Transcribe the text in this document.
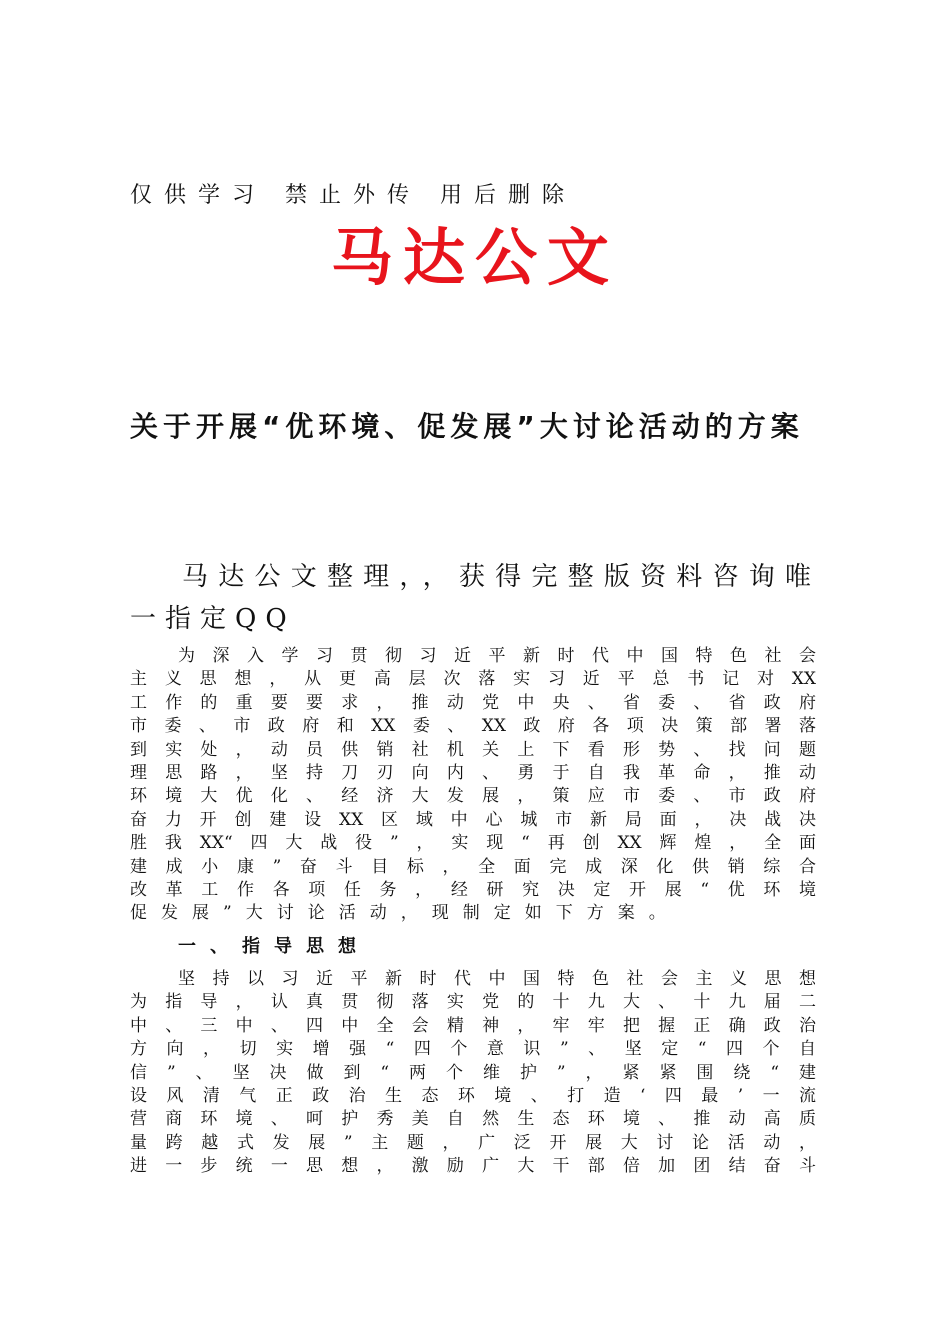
仅供学习 禁止外传 用后删除
马达公文
关于开展“优环境、促发展”大讨论活动的方案
马达公文整理，，获得完整版资料咨询唯一指定QQ
为深入学习贯彻习近平新时代中国特色社会
主义思想，从更高层次落实习近平总书记对XX
工作的重要要求，推动党中央、省委、省政府
市委、市政府和XX委、XX政府各项决策部署落
到实处，动员供销社机关上下看形势、找问题
理思路，坚持刀刃向内、勇于自我革命，推动
环境大优化、经济大发展，策应市委、市政府
奋力开创建设XX区域中心城市新局面，决战决
胜我XX“四大战役”，实现“再创XX辉煌，全面
建成小康”奋斗目标，全面完成深化供销综合
改革工作各项任务，经研究决定开展“优环境
促发展”大讨论活动，现制定如下方案。
一、指导思想
坚持以习近平新时代中国特色社会主义思想
为指导，认真贯彻落实党的十九大、十九届二
中、三中、四中全会精神，牢牢把握正确政治
方向，切实增强“四个意识”、坚定“四个自
信”、坚决做到“两个维护”，紧紧围绕“建
设风清气正政治生态环境、打造‘四最’一流
营商环境、呵护秀美自然生态环境、推动高质
量跨越式发展”主题，广泛开展大讨论活动，
进一步统一思想，激励广大干部倍加团结奋斗
